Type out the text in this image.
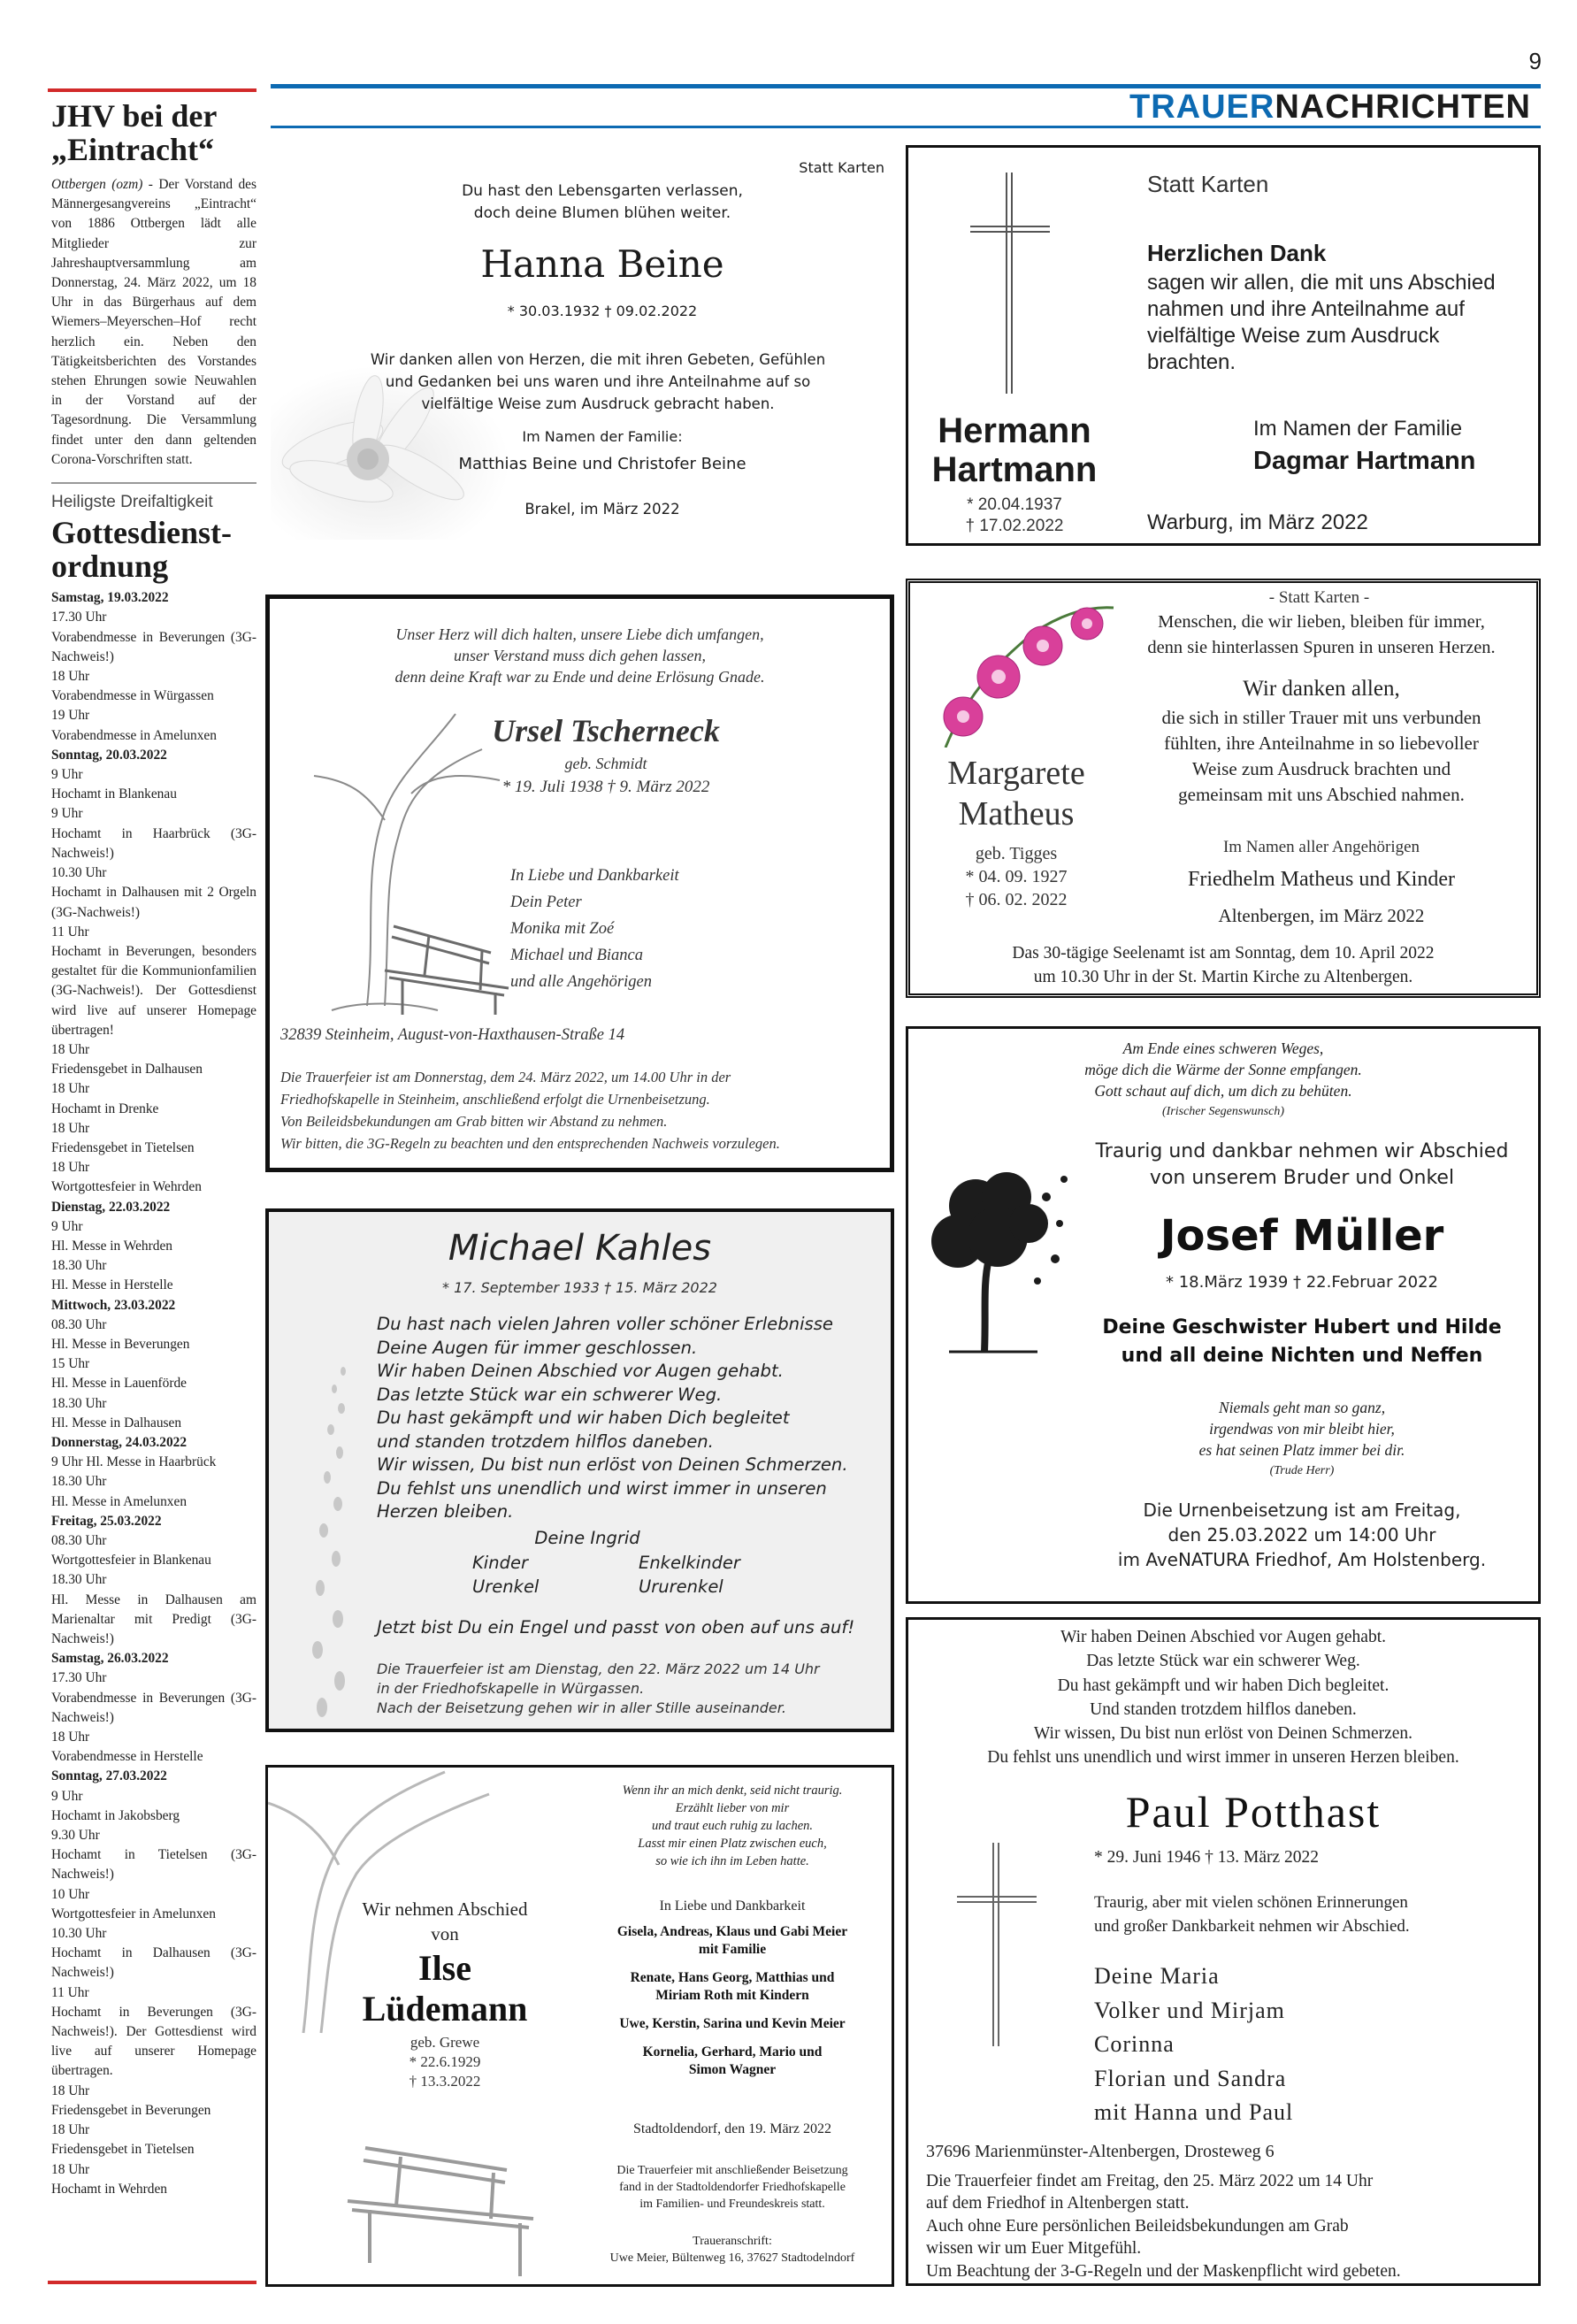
9
TRAUERNACHRICHTEN
JHV bei der „Eintracht“

Ottbergen (ozm) - Der Vorstand des Männergesangvereins „Eintracht“ von 1886 Ottbergen lädt alle Mitglieder zur Jahreshauptversammlung am Donnerstag, 24. März 2022, um 18 Uhr in das Bürgerhaus auf dem Wiemers–Meyerschen–Hof recht herzlich ein. Neben den Tätigkeitsberichten des Vorstandes stehen Ehrungen sowie Neuwahlen in der Vorstand auf der Tagesordnung. Die Versammlung findet unter den dann geltenden Corona-Vorschriften statt.

Heiligste Dreifaltigkeit
Gottesdienst-ordnung
Samstag, 19.03.2022
17.30 Uhr
Vorabendmesse in Beverungen (3G-Nachweis!)
18 Uhr
Vorabendmesse in Würgassen
19 Uhr
Vorabendmesse in Amelunxen
Sonntag, 20.03.2022
9 Uhr
Hochamt in Blankenau
9 Uhr
Hochamt in Haarbrück (3G-Nachweis!)
10.30 Uhr
Hochamt in Dalhausen mit 2 Orgeln (3G-Nachweis!)
11 Uhr
Hochamt in Beverungen, besonders gestaltet für die Kommunionfamilien (3G-Nachweis!). Der Gottesdienst wird live auf unserer Homepage übertragen!
18 Uhr
Friedensgebet in Dalhausen
18 Uhr
Hochamt in Drenke
18 Uhr
Friedensgebet in Tietelsen
18 Uhr
Wortgottesfeier in Wehrden
Dienstag, 22.03.2022
9 Uhr
Hl. Messe in Wehrden
18.30 Uhr
Hl. Messe in Herstelle
Mittwoch, 23.03.2022
08.30 Uhr
Hl. Messe in Beverungen
15 Uhr
Hl. Messe in Lauenförde
18.30 Uhr
Hl. Messe in Dalhausen
Donnerstag, 24.03.2022
9 Uhr Hl. Messe in Haarbrück
18.30 Uhr
Hl. Messe in Amelunxen
Freitag, 25.03.2022
08.30 Uhr
Wortgottesfeier in Blankenau
18.30 Uhr
Hl. Messe in Dalhausen am Marienaltar mit Predigt (3G-Nachweis!)
Samstag, 26.03.2022
17.30 Uhr
Vorabendmesse in Beverungen (3G-Nachweis!)
18 Uhr
Vorabendmesse in Herstelle
Sonntag, 27.03.2022
9 Uhr
Hochamt in Jakobsberg
9.30 Uhr
Hochamt in Tietelsen (3G-Nachweis!)
10 Uhr
Wortgottesfeier in Amelunxen
10.30 Uhr
Hochamt in Dalhausen (3G-Nachweis!)
11 Uhr
Hochamt in Beverungen (3G-Nachweis!). Der Gottesdienst wird live auf unserer Homepage übertragen.
18 Uhr
Friedensgebet in Beverungen
18 Uhr
Friedensgebet in Tietelsen
18 Uhr
Hochamt in Wehrden
Statt Karten
Du hast den Lebensgarten verlassen,
doch deine Blumen blühen weiter.
Hanna Beine
* 30.03.1932 † 09.02.2022
Wir danken allen von Herzen, die mit ihren Gebeten, Gefühlen
und Gedanken bei uns waren und ihre Anteilnahme auf so
vielfältige Weise zum Ausdruck gebracht haben.
Im Namen der Familie:
Matthias Beine und Christofer Beine
Brakel, im März 2022
Hermann
Hartmann
* 20.04.1937
† 17.02.2022
Statt Karten
Herzlichen Dank
sagen wir allen, die mit uns Abschied
nahmen und ihre Anteilnahme auf
vielfältige Weise zum Ausdruck
brachten.
Im Namen der Familie
Dagmar Hartmann
Warburg, im März 2022
Unser Herz will dich halten, unsere Liebe dich umfangen,
unser Verstand muss dich gehen lassen,
denn deine Kraft war zu Ende und deine Erlösung Gnade.
Ursel Tscherneck
geb. Schmidt
* 19. Juli 1938 † 9. März 2022
In Liebe und Dankbarkeit
Dein Peter
Monika mit Zoé
Michael und Bianca
und alle Angehörigen
32839 Steinheim, August-von-Haxthausen-Straße 14
Die Trauerfeier ist am Donnerstag, dem 24. März 2022, um 14.00 Uhr in der
Friedhofskapelle in Steinheim, anschließend erfolgt die Urnenbeisetzung.
Von Beileidsbekundungen am Grab bitten wir Abstand zu nehmen.
Wir bitten, die 3G-Regeln zu beachten und den entsprechenden Nachweis vorzulegen.
- Statt Karten -
Menschen, die wir lieben, bleiben für immer,
denn sie hinterlassen Spuren in unseren Herzen.
Wir danken allen,
die sich in stiller Trauer mit uns verbunden
fühlten, ihre Anteilnahme in so liebevoller
Weise zum Ausdruck brachten und
gemeinsam mit uns Abschied nahmen.
Margarete
Matheus
geb. Tigges
* 04. 09. 1927
† 06. 02. 2022
Im Namen aller Angehörigen
Friedhelm Matheus und Kinder
Altenbergen, im März 2022
Das 30-tägige Seelenamt ist am Sonntag, dem 10. April 2022
um 10.30 Uhr in der St. Martin Kirche zu Altenbergen.
Michael Kahles
* 17. September 1933 † 15. März 2022
Du hast nach vielen Jahren voller schöner Erlebnisse
Deine Augen für immer geschlossen.
Wir haben Deinen Abschied vor Augen gehabt.
Das letzte Stück war ein schwerer Weg.
Du hast gekämpft und wir haben Dich begleitet
und standen trotzdem hilflos daneben.
Wir wissen, Du bist nun erlöst von Deinen Schmerzen.
Du fehlst uns unendlich und wirst immer in unseren
Herzen bleiben.
Deine Ingrid
Kinder
Urenkel
Enkelkinder
Ururenkel
Jetzt bist Du ein Engel und passt von oben auf uns auf!
Die Trauerfeier ist am Dienstag, den 22. März 2022 um 14 Uhr
in der Friedhofskapelle in Würgassen.
Nach der Beisetzung gehen wir in aller Stille auseinander.
Am Ende eines schweren Weges,
möge dich die Wärme der Sonne empfangen.
Gott schaut auf dich, um dich zu behüten.
(Irischer Segenswunsch)
Traurig und dankbar nehmen wir Abschied
von unserem Bruder und Onkel
Josef Müller
* 18.März 1939 † 22.Februar 2022
Deine Geschwister Hubert und Hilde
und all deine Nichten und Neffen
Niemals geht man so ganz,
irgendwas von mir bleibt hier,
es hat seinen Platz immer bei dir.
(Trude Herr)
Die Urnenbeisetzung ist am Freitag,
den 25.03.2022 um 14:00 Uhr
im AveNATURA Friedhof, Am Holstenberg.
Wenn ihr an mich denkt, seid nicht traurig.
Erzählt lieber von mir
und traut euch ruhig zu lachen.
Lasst mir einen Platz zwischen euch,
so wie ich ihn im Leben hatte.
Wir nehmen Abschied
von
Ilse
Lüdemann
geb. Grewe
* 22.6.1929
† 13.3.2022
In Liebe und Dankbarkeit
Gisela, Andreas, Klaus und Gabi Meier
mit Familie
Renate, Hans Georg, Matthias und
Miriam Roth mit Kindern
Uwe, Kerstin, Sarina und Kevin Meier
Kornelia, Gerhard, Mario und
Simon Wagner
Stadtoldendorf, den 19. März 2022
Die Trauerfeier mit anschließender Beisetzung
fand in der Stadtoldendorfer Friedhofskapelle
im Familien- und Freundeskreis statt.
Traueranschrift:
Uwe Meier, Bültenweg 16, 37627 Stadtodelndorf
Wir haben Deinen Abschied vor Augen gehabt.
Das letzte Stück war ein schwerer Weg.
Du hast gekämpft und wir haben Dich begleitet.
Und standen trotzdem hilflos daneben.
Wir wissen, Du bist nun erlöst von Deinen Schmerzen.
Du fehlst uns unendlich und wirst immer in unseren Herzen bleiben.
Paul Potthast
* 29. Juni 1946 † 13. März 2022
Traurig, aber mit vielen schönen Erinnerungen
und großer Dankbarkeit nehmen wir Abschied.
Deine Maria
Volker und Mirjam
Corinna
Florian und Sandra
mit Hanna und Paul
37696 Marienmünster-Altenbergen, Drosteweg 6
Die Trauerfeier findet am Freitag, den 25. März 2022 um 14 Uhr
auf dem Friedhof in Altenbergen statt.
Auch ohne Eure persönlichen Beileidsbekundungen am Grab
wissen wir um Euer Mitgefühl.
Um Beachtung der 3-G-Regeln und der Maskenpflicht wird gebeten.
